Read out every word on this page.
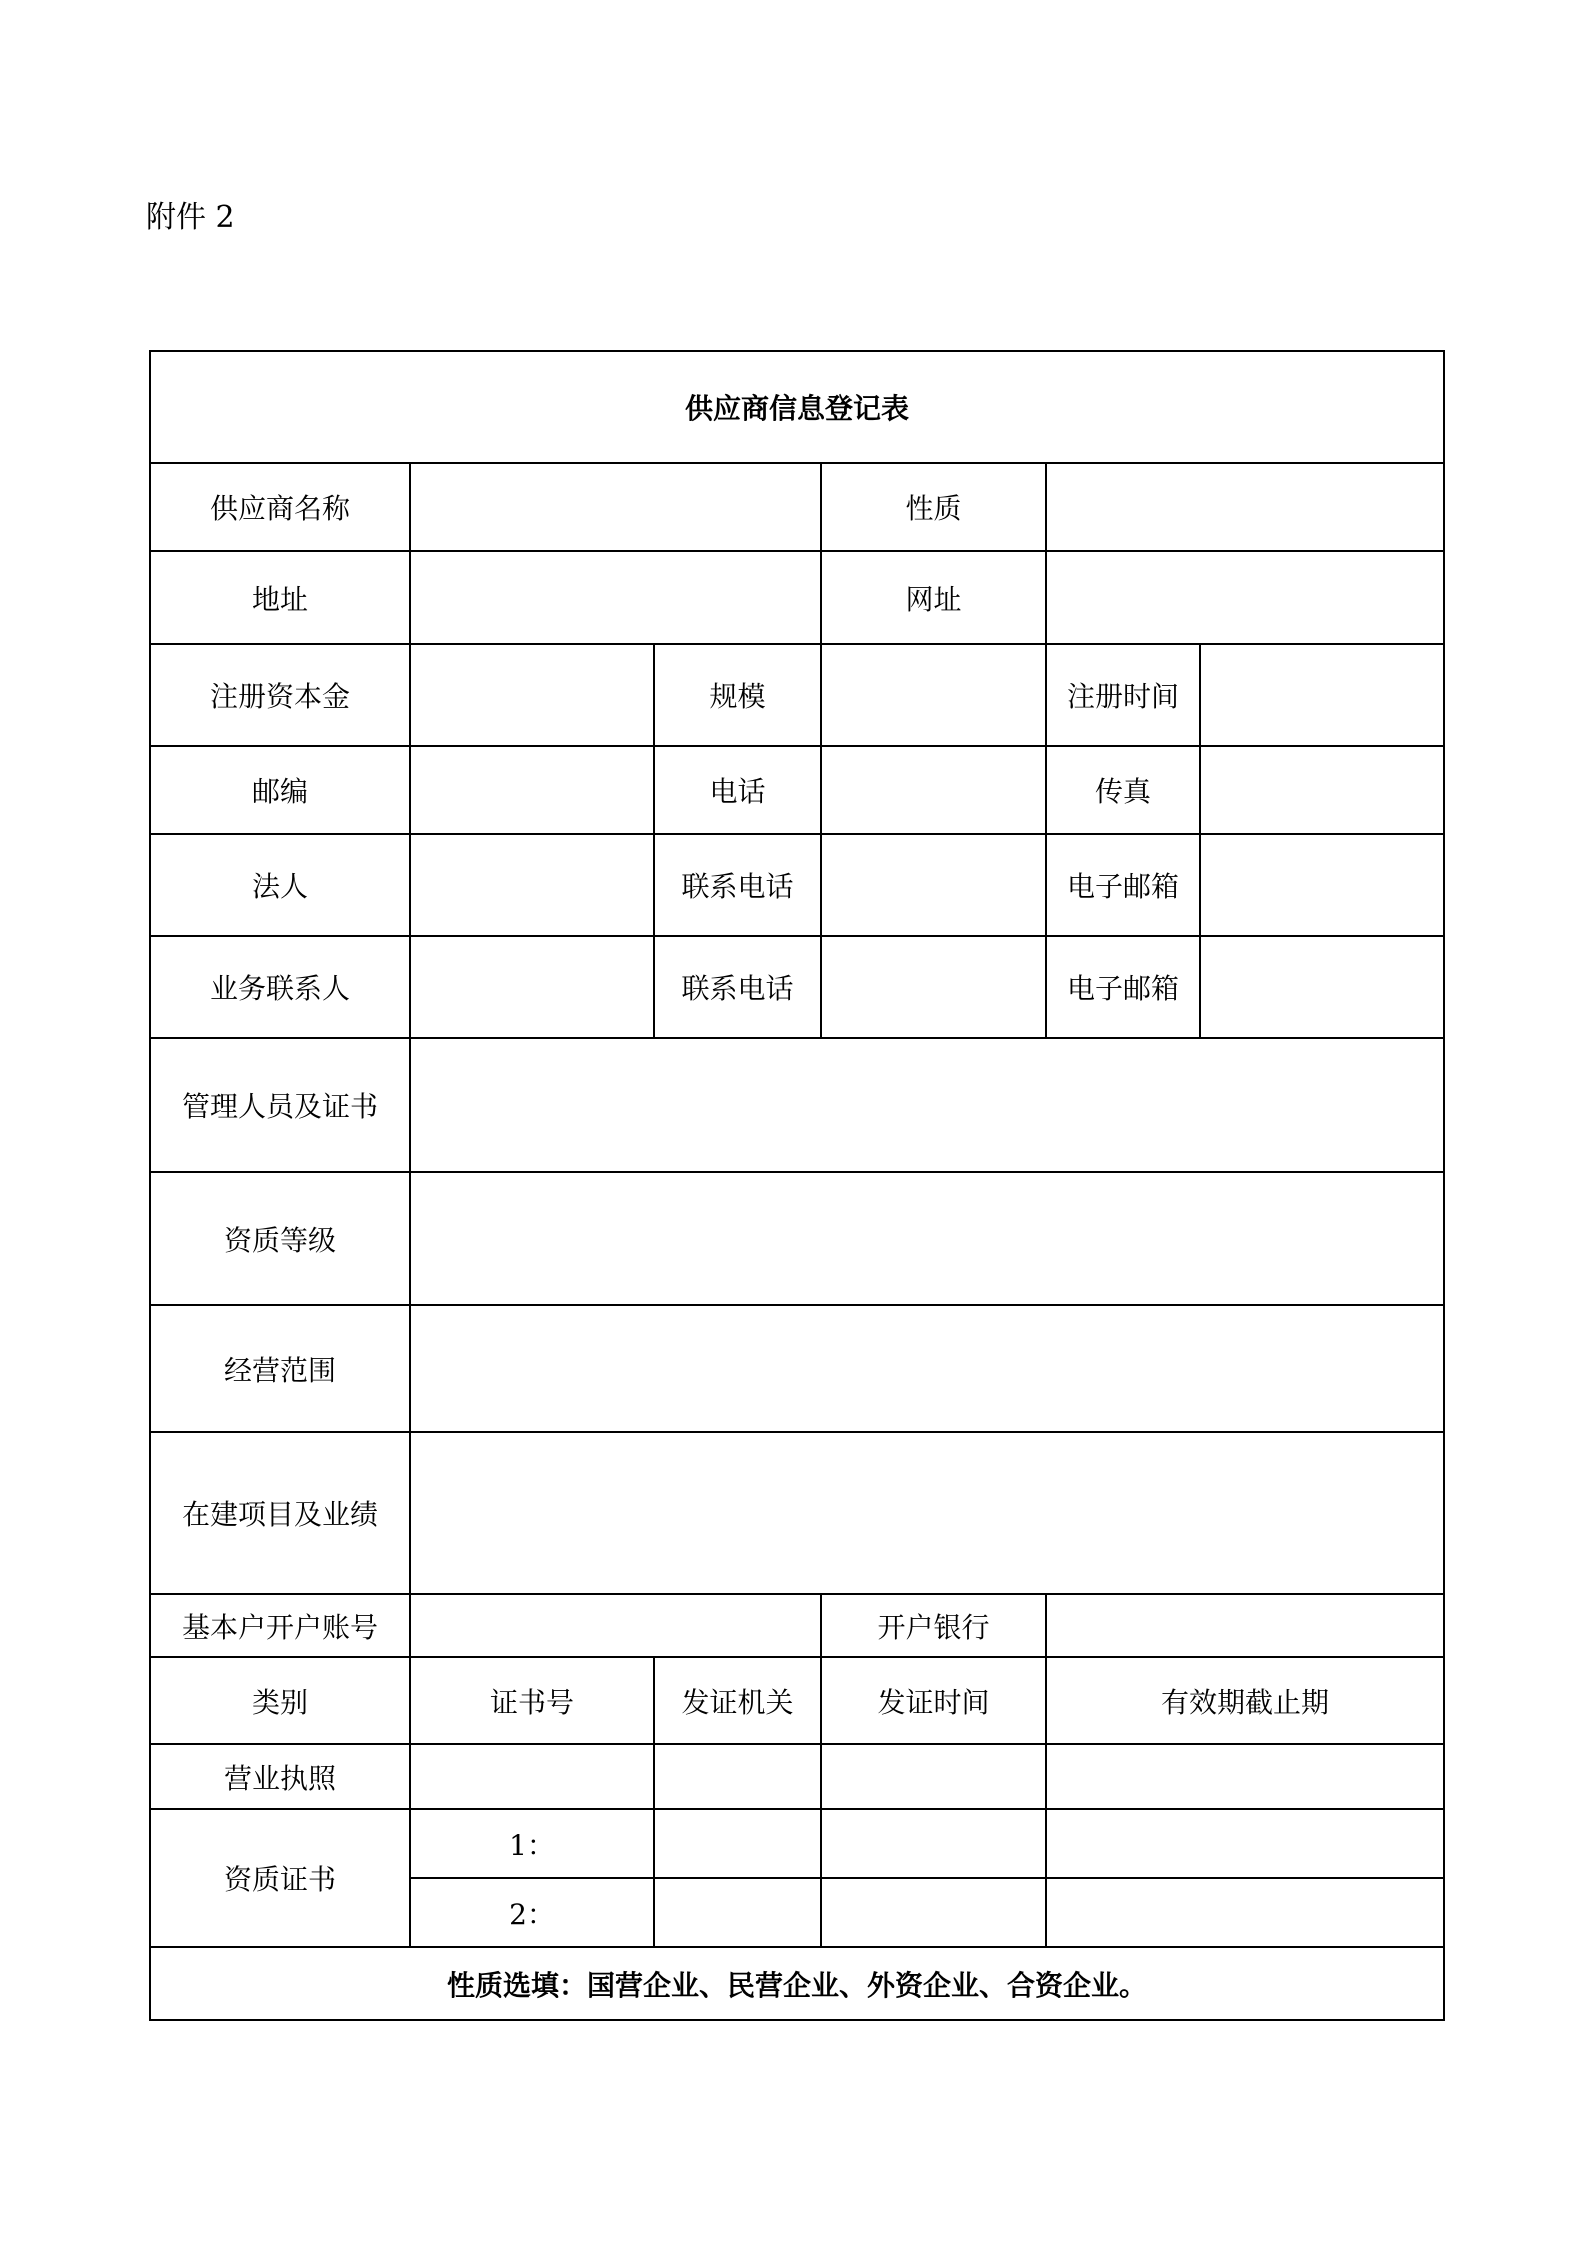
附件 2
供应商信息登记表					
供应商名称			性质		
地址			网址		
注册资本金		规模		注册时间	
邮编		电话		传真	
法人		联系电话		电子邮箱	
业务联系人		联系电话		电子邮箱	
管理人员及证书					
资质等级					
经营范围					
在建项目及业绩					
基本户开户账号			开户银行		
类别	证书号	发证机关	发证时间	有效期截止期	
营业执照					
资质证书	1：				
	2：				
性质选填：国营企业、民营企业、外资企业、合资企业。					
